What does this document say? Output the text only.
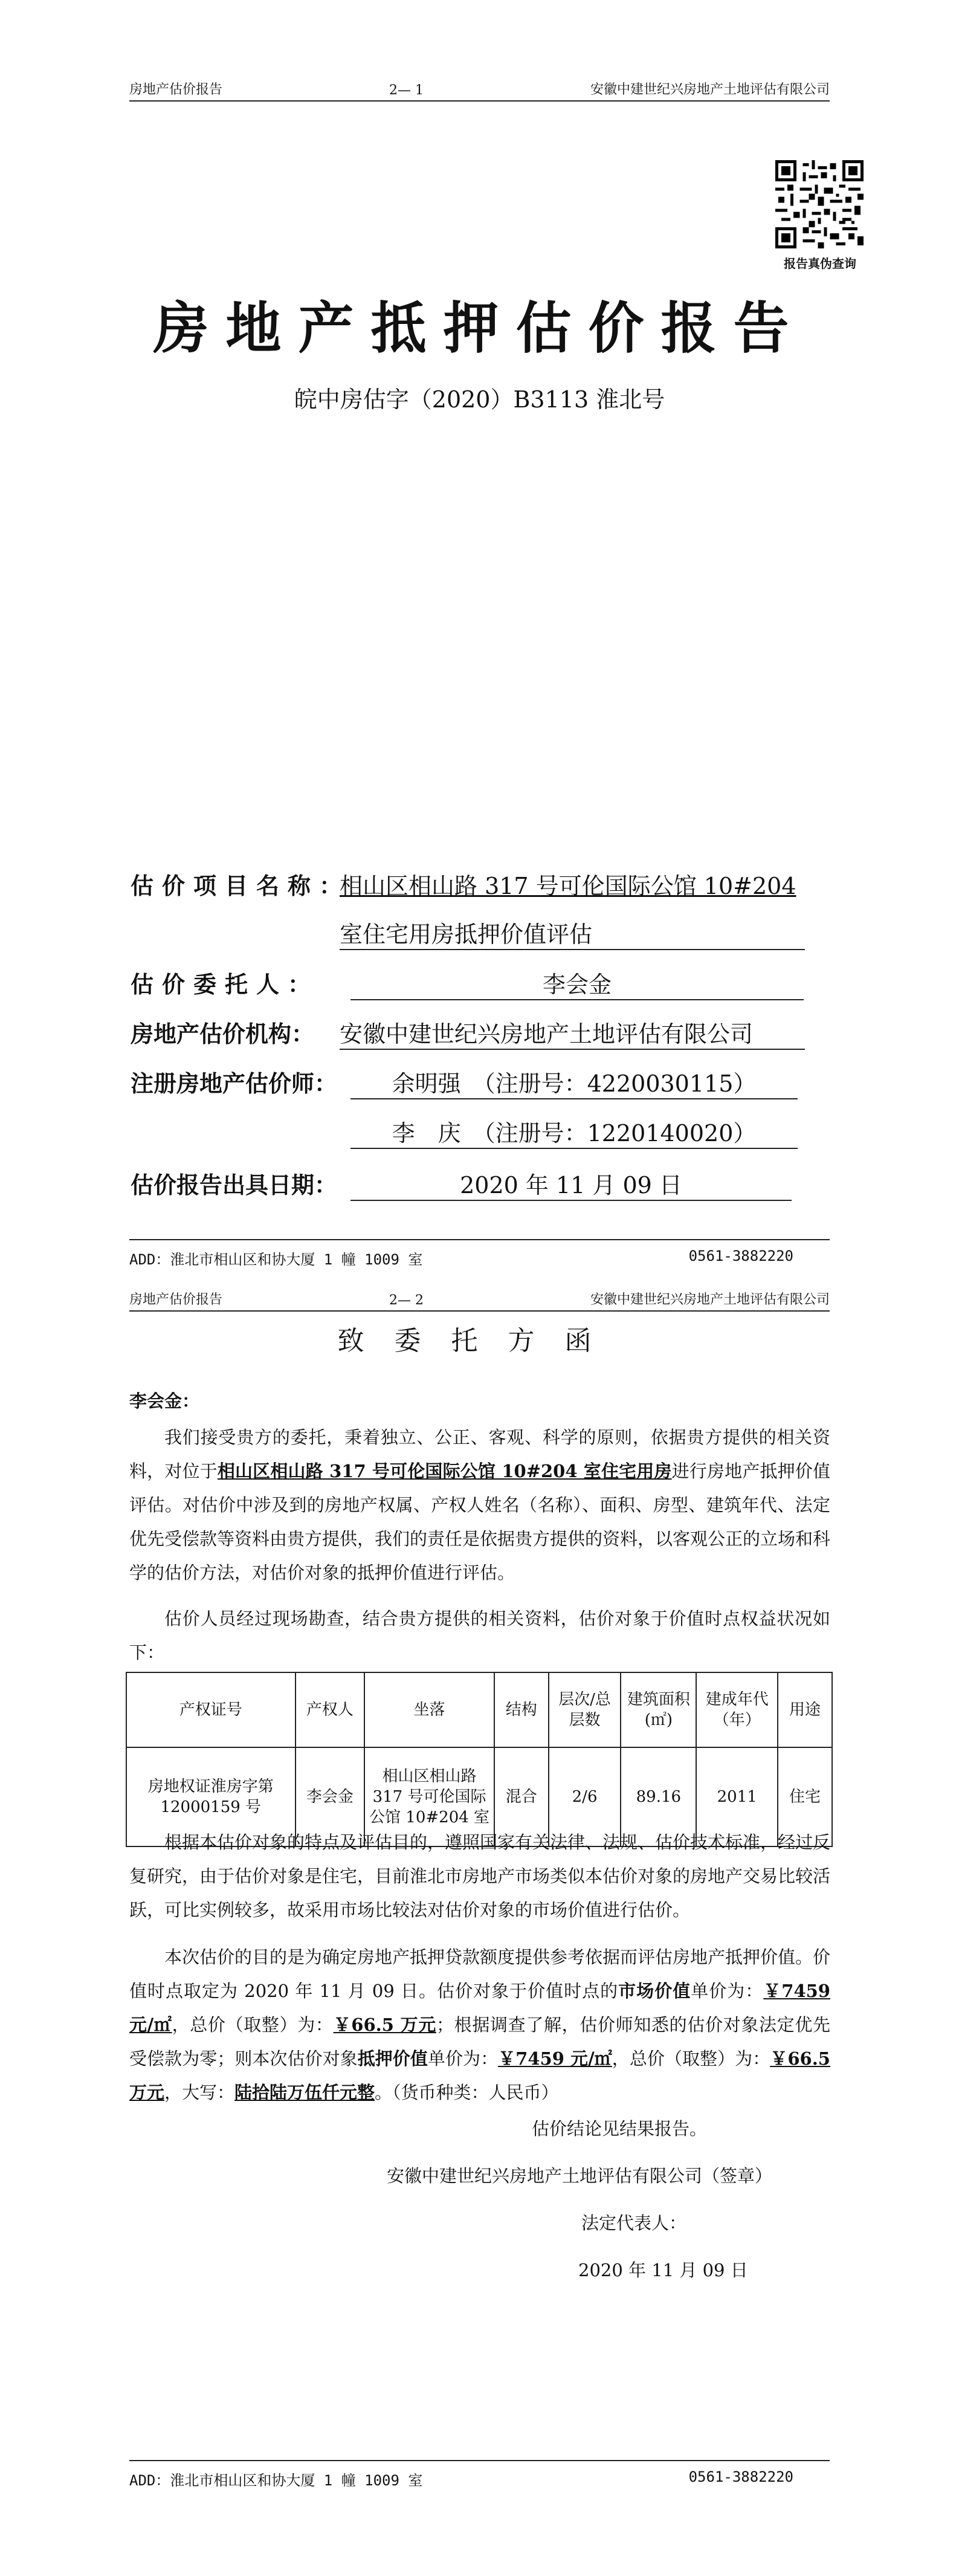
房地产估价报告	2— 1	安徽中建世纪兴房地产土地评估有限公司
报告真伪查询
房地产抵押估价报告
皖中房估字（2020）B3113 淮北号
估价项目名称：
相山区相山路 317 号可伦国际公馆 10#204
室住宅用房抵押价值评估
估价委托人：	李会金
房地产估价机构： 安徽中建世纪兴房地产土地评估有限公司
注册房地产估价师：	余明强　（注册号：4220030115）
李　庆　（注册号：1220140020）
估价报告出具日期：	2020 年 11 月 09 日
ADD：淮北市相山区和协大厦 1 幢 1009 室	0561-3882220
房地产估价报告	2— 2	安徽中建世纪兴房地产土地评估有限公司
致委托方函
李会金：
我们接受贵方的委托，秉着独立、公正、客观、科学的原则，依据贵方提供的相关资料，对位于相山区相山路 317 号可伦国际公馆 10#204 室住宅用房进行房地产抵押价值评估。对估价中涉及到的房地产权属、产权人姓名（名称）、面积、房型、建筑年代、法定优先受偿款等资料由贵方提供，我们的责任是依据贵方提供的资料，以客观公正的立场和科学的估价方法，对估价对象的抵押价值进行评估。
估价人员经过现场勘查，结合贵方提供的相关资料，估价对象于价值时点权益状况如下：
产权证号	产权人	坐落	结构	层次/总层数	建筑面积(㎡)	建成年代（年）	用途
房地权证淮房字第 12000159 号	李会金	相山区相山路 317 号可伦国际公馆 10#204 室	混合	2/6	89.16	2011	住宅
根据本估价对象的特点及评估目的，遵照国家有关法律、法规、估价技术标准，经过反复研究，由于估价对象是住宅，目前淮北市房地产市场类似本估价对象的房地产交易比较活跃，可比实例较多，故采用市场比较法对估价对象的市场价值进行估价。
本次估价的目的是为确定房地产抵押贷款额度提供参考依据而评估房地产抵押价值。价值时点取定为 2020 年 11 月 09 日。估价对象于价值时点的市场价值单价为：￥7459 元/㎡，总价（取整）为：￥66.5 万元；根据调查了解，估价师知悉的估价对象法定优先受偿款为零；则本次估价对象抵押价值单价为：￥7459 元/㎡，总价（取整）为：￥66.5 万元，大写：陆拾陆万伍仟元整。（货币种类：人民币）
估价结论见结果报告。
安徽中建世纪兴房地产土地评估有限公司（签章）
法定代表人：
2020 年 11 月 09 日
ADD：淮北市相山区和协大厦 1 幢 1009 室	0561-3882220
